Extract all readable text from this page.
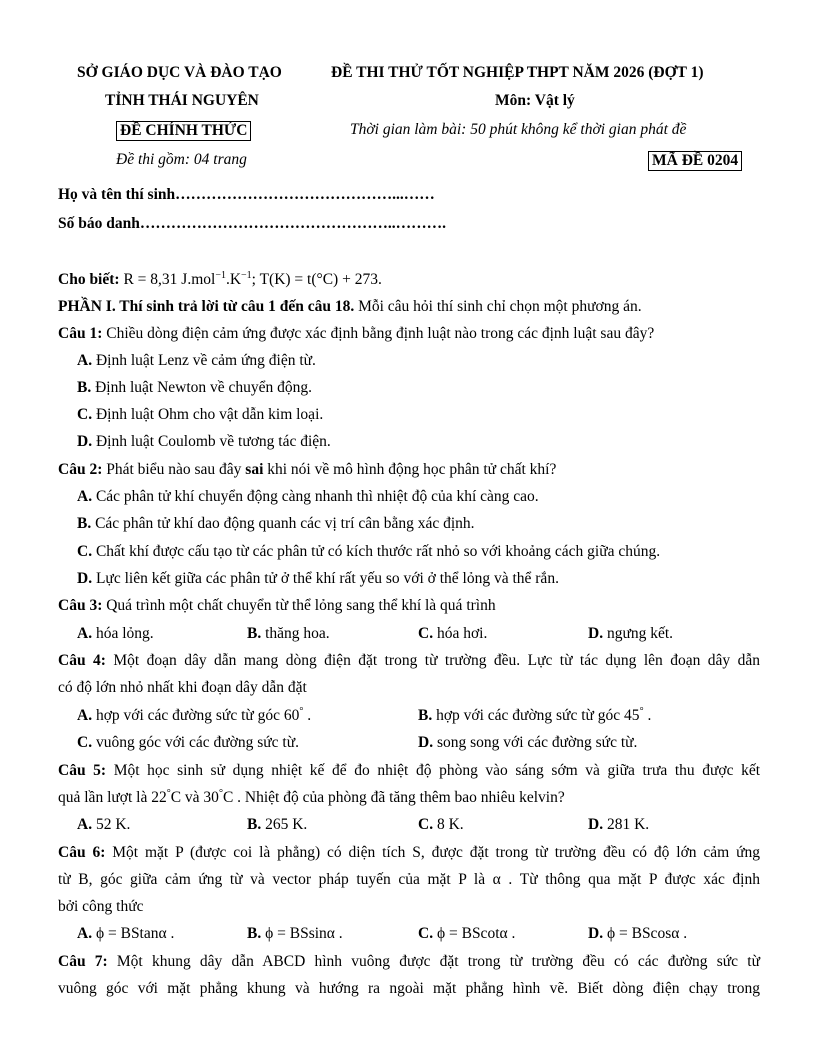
SỞ GIÁO DỤC VÀ ĐÀO TẠO
TỈNH THÁI NGUYÊN
ĐỀ CHÍNH THỨC
Đề thi gồm: 04 trang
ĐỀ THI THỬ TỐT NGHIỆP THPT NĂM 2026 (ĐỢT 1)
Môn: Vật lý
Thời gian làm bài: 50 phút không kể thời gian phát đề
MÃ ĐỀ 0204
Họ và tên thí sinh……………………………………...……
Số báo danh…………………………………………..……….
Cho biết: R = 8,31 $J.mol^{-1}.K^{-1}$; T(K) = t(°C) + 273.
PHẦN I. Thí sinh trả lời từ câu 1 đến câu 18. Mỗi câu hỏi thí sinh chỉ chọn một phương án.
Câu 1: Chiều dòng điện cảm ứng được xác định bằng định luật nào trong các định luật sau đây?
A. Định luật Lenz về cảm ứng điện từ.
B. Định luật Newton về chuyển động.
C. Định luật Ohm cho vật dẫn kim loại.
D. Định luật Coulomb về tương tác điện.
Câu 2: Phát biểu nào sau đây sai khi nói về mô hình động học phân tử chất khí?
A. Các phân tử khí chuyển động càng nhanh thì nhiệt độ của khí càng cao.
B. Các phân tử khí dao động quanh các vị trí cân bằng xác định.
C. Chất khí được cấu tạo từ các phân tử có kích thước rất nhỏ so với khoảng cách giữa chúng.
D. Lực liên kết giữa các phân tử ở thể khí rất yếu so với ở thể lỏng và thể rắn.
Câu 3: Quá trình một chất chuyển từ thể lỏng sang thể khí là quá trình
A. hóa lỏng.	B. thăng hoa.	C. hóa hơi.	D. ngưng kết.
Câu 4: Một đoạn dây dẫn mang dòng điện đặt trong từ trường đều. Lực từ tác dụng lên đoạn dây dẫn
có độ lớn nhỏ nhất khi đoạn dây dẫn đặt
A. hợp với các đường sức từ góc 60° .	B. hợp với các đường sức từ góc 45° .
C. vuông góc với các đường sức từ.	D. song song với các đường sức từ.
Câu 5: Một học sinh sử dụng nhiệt kế để đo nhiệt độ phòng vào sáng sớm và giữa trưa thu được kết
quả lần lượt là 22°C và 30°C . Nhiệt độ của phòng đã tăng thêm bao nhiêu kelvin?
A. 52 K.	B. 265 K.	C. 8 K.	D. 281 K.
Câu 6: Một mặt P (được coi là phẳng) có diện tích S, được đặt trong từ trường đều có độ lớn cảm ứng
từ B, góc giữa cảm ứng từ và vector pháp tuyến của mặt P là α . Từ thông qua mặt P được xác định
bởi công thức
A. ϕ = BStanα .	B. ϕ = BSsinα .	C. ϕ = BScotα .	D. ϕ = BScosα .
Câu 7: Một khung dây dẫn ABCD hình vuông được đặt trong từ trường đều có các đường sức từ
vuông góc với mặt phẳng khung và hướng ra ngoài mặt phẳng hình vẽ. Biết dòng điện chạy trong
